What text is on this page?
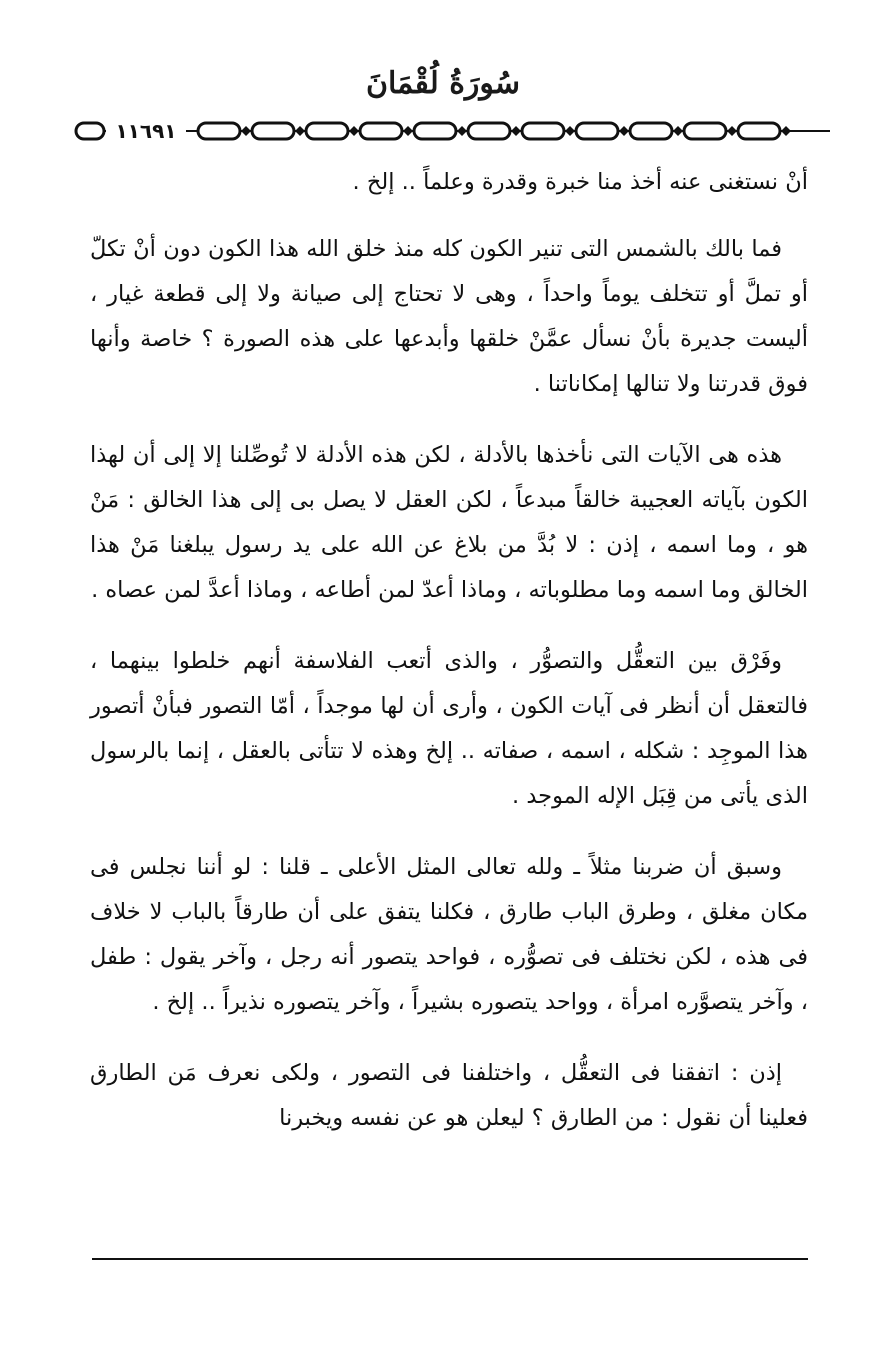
سُورَةُ لُقْمَانَ
١١٦٩١

أنْ نستغنى عنه أخذ منا خبرة وقدرة وعلماً .. إلخ .

فما بالك بالشمس التى تنير الكون كله منذ خلق الله هذا الكون دون أنْ تكلّ أو تملَّ أو تتخلف يوماً واحداً ، وهى لا تحتاج إلى صيانة ولا إلى قطعة غيار ، أليست جديرة بأنْ نسأل عمَّنْ خلقها وأبدعها على هذه الصورة ؟ خاصة وأنها فوق قدرتنا ولا تنالها إمكاناتنا .

هذه هى الآيات التى نأخذها بالأدلة ، لكن هذه الأدلة لا تُوصِّلنا إلا إلى أن لهذا الكون بآياته العجيبة خالقاً مبدعاً ، لكن العقل لا يصل بى إلى هذا الخالق : مَنْ هو ، وما اسمه ، إذن : لا بُدَّ من بلاغ عن الله على يد رسول يبلغنا مَنْ هذا الخالق وما اسمه وما مطلوباته ، وماذا أعدّ لمن أطاعه ، وماذا أعدَّ لمن عصاه .

وفَرْق بين التعقُّل والتصوُّر ، والذى أتعب الفلاسفة أنهم خلطوا بينهما ، فالتعقل أن أنظر فى آيات الكون ، وأرى أن لها موجداً ، أمّا التصور فبأنْ أتصور هذا الموجِد : شكله ، اسمه ، صفاته .. إلخ وهذه لا تتأتى بالعقل ، إنما بالرسول الذى يأتى من قِبَل الإله الموجد .

وسبق أن ضربنا مثلاً ـ ولله تعالى المثل الأعلى ـ قلنا : لو أننا نجلس فى مكان مغلق ، وطرق الباب طارق ، فكلنا يتفق على أن طارقاً بالباب لا خلاف فى هذه ، لكن نختلف فى تصوُّره ، فواحد يتصور أنه رجل ، وآخر يقول : طفل ، وآخر يتصوَّره امرأة ، وواحد يتصوره بشيراً ، وآخر يتصوره نذيراً .. إلخ .

إذن : اتفقنا فى التعقُّل ، واختلفنا فى التصور ، ولكى نعرف مَن الطارق فعلينا أن نقول : من الطارق ؟ ليعلن هو عن نفسه ويخبرنا
